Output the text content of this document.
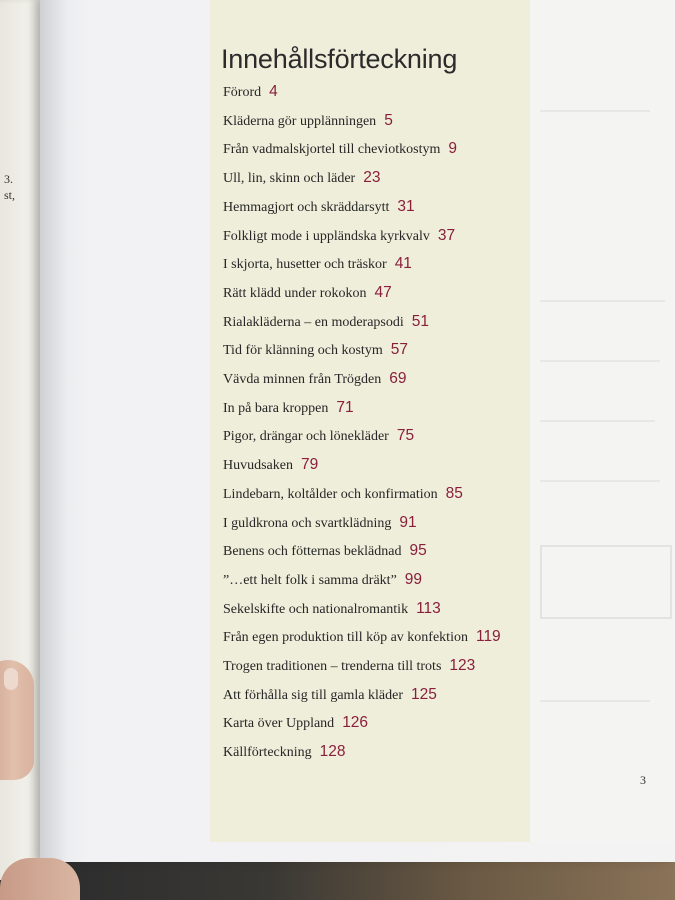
3.
st,
Innehållsförteckning
Förord 4
Kläderna gör upplänningen 5
Från vadmalskjortel till cheviotkostym 9
Ull, lin, skinn och läder 23
Hemmagjort och skräddarsytt 31
Folkligt mode i uppländska kyrkvalv 37
I skjorta, husetter och träskor 41
Rätt klädd under rokokon 47
Rialakläderna – en moderapsodi 51
Tid för klänning och kostym 57
Vävda minnen från Trögden 69
In på bara kroppen 71
Pigor, drängar och lönekläder 75
Huvudsaken 79
Lindebarn, koltålder och konfirmation 85
I guldkrona och svartklädning 91
Benens och fötternas beklädnad 95
”…ett helt folk i samma dräkt” 99
Sekelskifte och nationalromantik 113
Från egen produktion till köp av konfektion 119
Trogen traditionen – trenderna till trots 123
Att förhålla sig till gamla kläder 125
Karta över Uppland 126
Källförteckning 128
3
